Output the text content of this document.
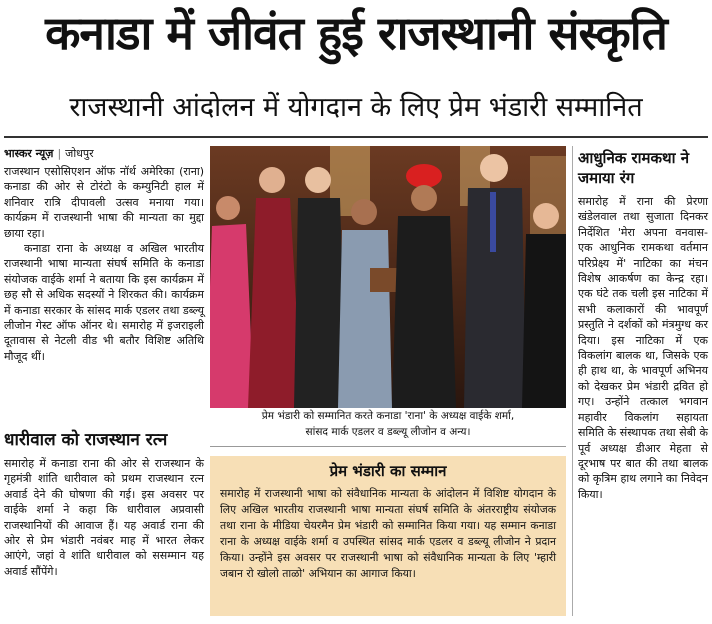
कनाडा में जीवंत हुई राजस्थानी संस्कृति
राजस्थानी आंदोलन में योगदान के लिए प्रेम भंडारी सम्मानित
भास्कर न्यूज़ | जोधपुर

राजस्थान एसोसिएशन ऑफ नॉर्थ अमेरिका (राना) कनाडा की ओर से टोरंटो के कम्युनिटी हाल में शनिवार रात्रि दीपावली उत्सव मनाया गया। कार्यक्रम में राजस्थानी भाषा की मान्यता का मुद्दा छाया रहा।

कनाडा राना के अध्यक्ष व अखिल भारतीय राजस्थानी भाषा मान्यता संघर्ष समिति के कनाडा संयोजक वाईके शर्मा ने बताया कि इस कार्यक्रम में छह सौ से अधिक सदस्यों ने शिरकत की। कार्यक्रम में कनाडा सरकार के सांसद मार्क एडलर तथा डब्ल्यू लीजोन गेस्ट ऑफ ऑनर थे। समारोह में इजराइली दूतावास से नेटली वीड भी बतौर विशिष्ट अतिथि मौजूद थीं।

धारीवाल को राजस्थान रत्न
समारोह में कनाडा राना की ओर से राजस्थान के गृहमंत्री शांति धारीवाल को प्रथम राजस्थान रत्न अवार्ड देने की घोषणा की गई। इस अवसर पर वाईके शर्मा ने कहा कि धारीवाल अप्रवासी राजस्थानियों की आवाज हैं। यह अवार्ड राना की ओर से प्रेम भंडारी नवंबर माह में भारत लेकर आएंगे, जहां वे शांति धारीवाल को ससम्मान यह अवार्ड सौंपेंगे।
प्रेम भंडारी को सम्मानित करते कनाडा 'राना' के अध्यक्ष वाईके शर्मा,
सांसद मार्क एडलर व डब्ल्यू लीजोन व अन्य।
प्रेम भंडारी का सम्मान
समारोह में राजस्थानी भाषा को संवैधानिक मान्यता के आंदोलन में विशिष्ट योगदान के लिए अखिल भारतीय राजस्थानी भाषा मान्यता संघर्ष समिति के अंतरराष्ट्रीय संयोजक तथा राना के मीडिया चेयरमैन प्रेम भंडारी को सम्मानित किया गया। यह सम्मान कनाडा राना के अध्यक्ष वाईके शर्मा व उपस्थित सांसद मार्क एडलर व डब्ल्यू लीजोन ने प्रदान किया। उन्होंने इस अवसर पर राजस्थानी भाषा को संवैधानिक मान्यता के लिए 'म्हारी जबान रो खोलो ताळो' अभियान का आगाज किया।
आधुनिक रामकथा ने जमाया रंग
समारोह में राना की प्रेरणा खंडेलवाल तथा सुजाता दिनकर निर्देशित 'मेरा अपना वनवास- एक आधुनिक रामकथा वर्तमान परिप्रेक्ष्य में' नाटिका का मंचन विशेष आकर्षण का केन्द्र रहा। एक घंटे तक चली इस नाटिका में सभी कलाकारों की भावपूर्ण प्रस्तुति ने दर्शकों को मंत्रमुग्ध कर दिया। इस नाटिका में एक विकलांग बालक था, जिसके एक ही हाथ था, के भावपूर्ण अभिनय को देखकर प्रेम भंडारी द्रवित हो गए। उन्होंने तत्काल भगवान महावीर विकलांग सहायता समिति के संस्थापक तथा सेबी के पूर्व अध्यक्ष डीआर मेहता से दूरभाष पर बात की तथा बालक को कृत्रिम हाथ लगाने का निवेदन किया।
